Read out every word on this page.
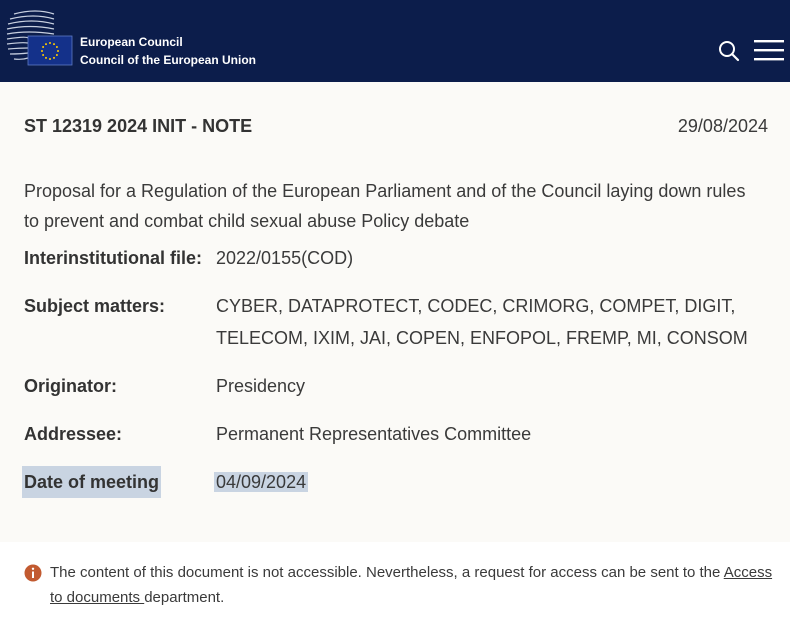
European Council
Council of the European Union
ST 12319 2024 INIT - NOTE	29/08/2024
Proposal for a Regulation of the European Parliament and of the Council laying down rules to prevent and combat child sexual abuse Policy debate
Interinstitutional file: 2022/0155(COD)
Subject matters:	CYBER, DATAPROTECT, CODEC, CRIMORG, COMPET, DIGIT, TELECOM, IXIM, JAI, COPEN, ENFOPOL, FREMP, MI, CONSOM
Originator:	Presidency
Addressee:	Permanent Representatives Committee
Date of meeting	04/09/2024
The content of this document is not accessible. Nevertheless, a request for access can be sent to the Access to documents department.
